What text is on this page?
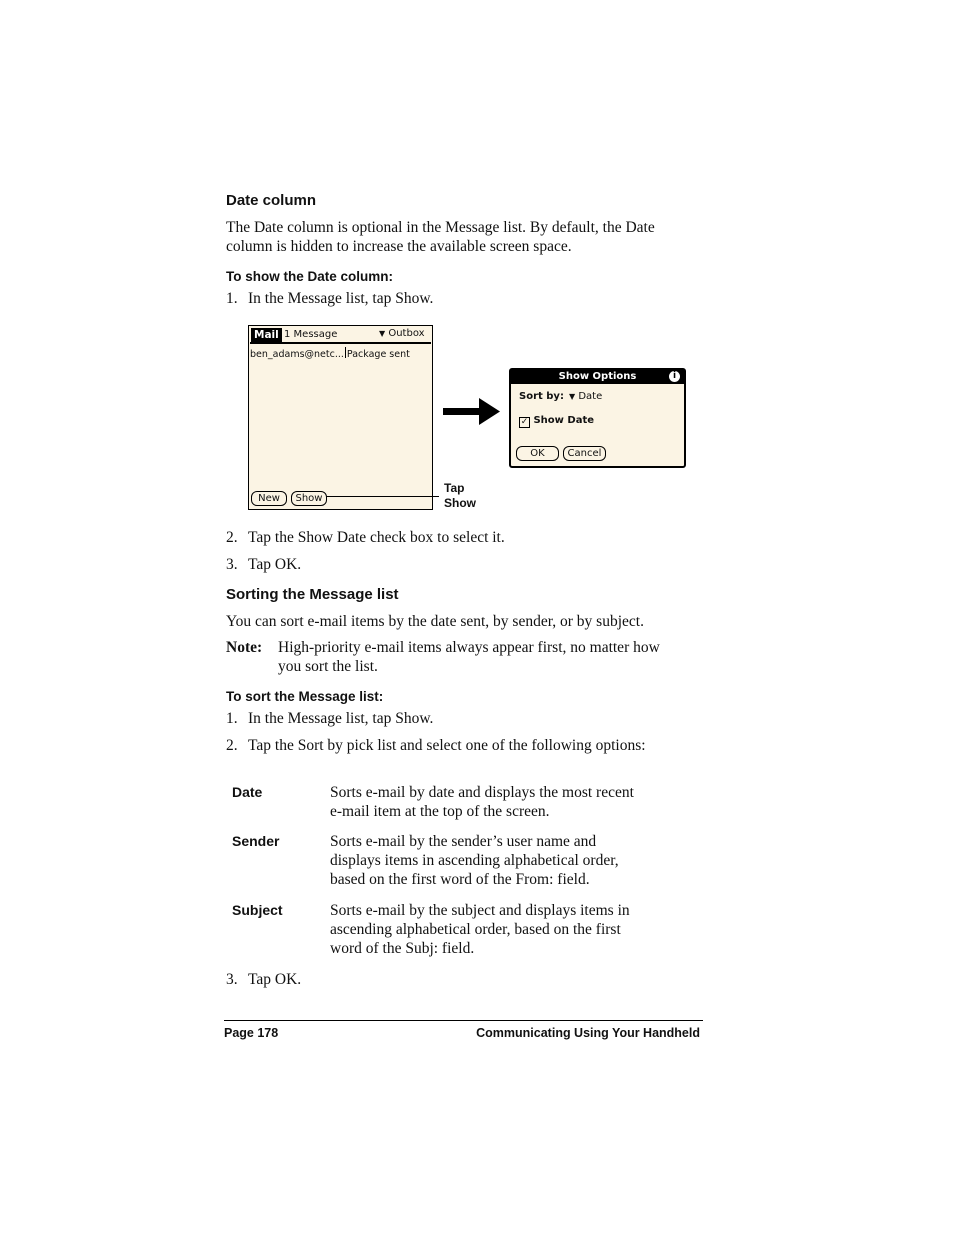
Date column
The Date column is optional in the Message list. By default, the Date
column is hidden to increase the available screen space.
To show the Date column:
1. In the Message list, tap Show.
Mail 1 Message	▼ Outbox
ben_adams@netc... Package sent
New	Show
Tap
Show
Show Options	i
Sort by: ▼ Date
✓ Show Date
OK	Cancel
2. Tap the Show Date check box to select it.
3. Tap OK.
Sorting the Message list
You can sort e-mail items by the date sent, by sender, or by subject.
Note: High-priority e-mail items always appear first, no matter how
you sort the list.
To sort the Message list:
1. In the Message list, tap Show.
2. Tap the Sort by pick list and select one of the following options:
Date	Sorts e-mail by date and displays the most recent
e-mail item at the top of the screen.
Sender	Sorts e-mail by the sender’s user name and
displays items in ascending alphabetical order,
based on the first word of the From: field.
Subject	Sorts e-mail by the subject and displays items in
ascending alphabetical order, based on the first
word of the Subj: field.
3. Tap OK.
Page 178	Communicating Using Your Handheld
